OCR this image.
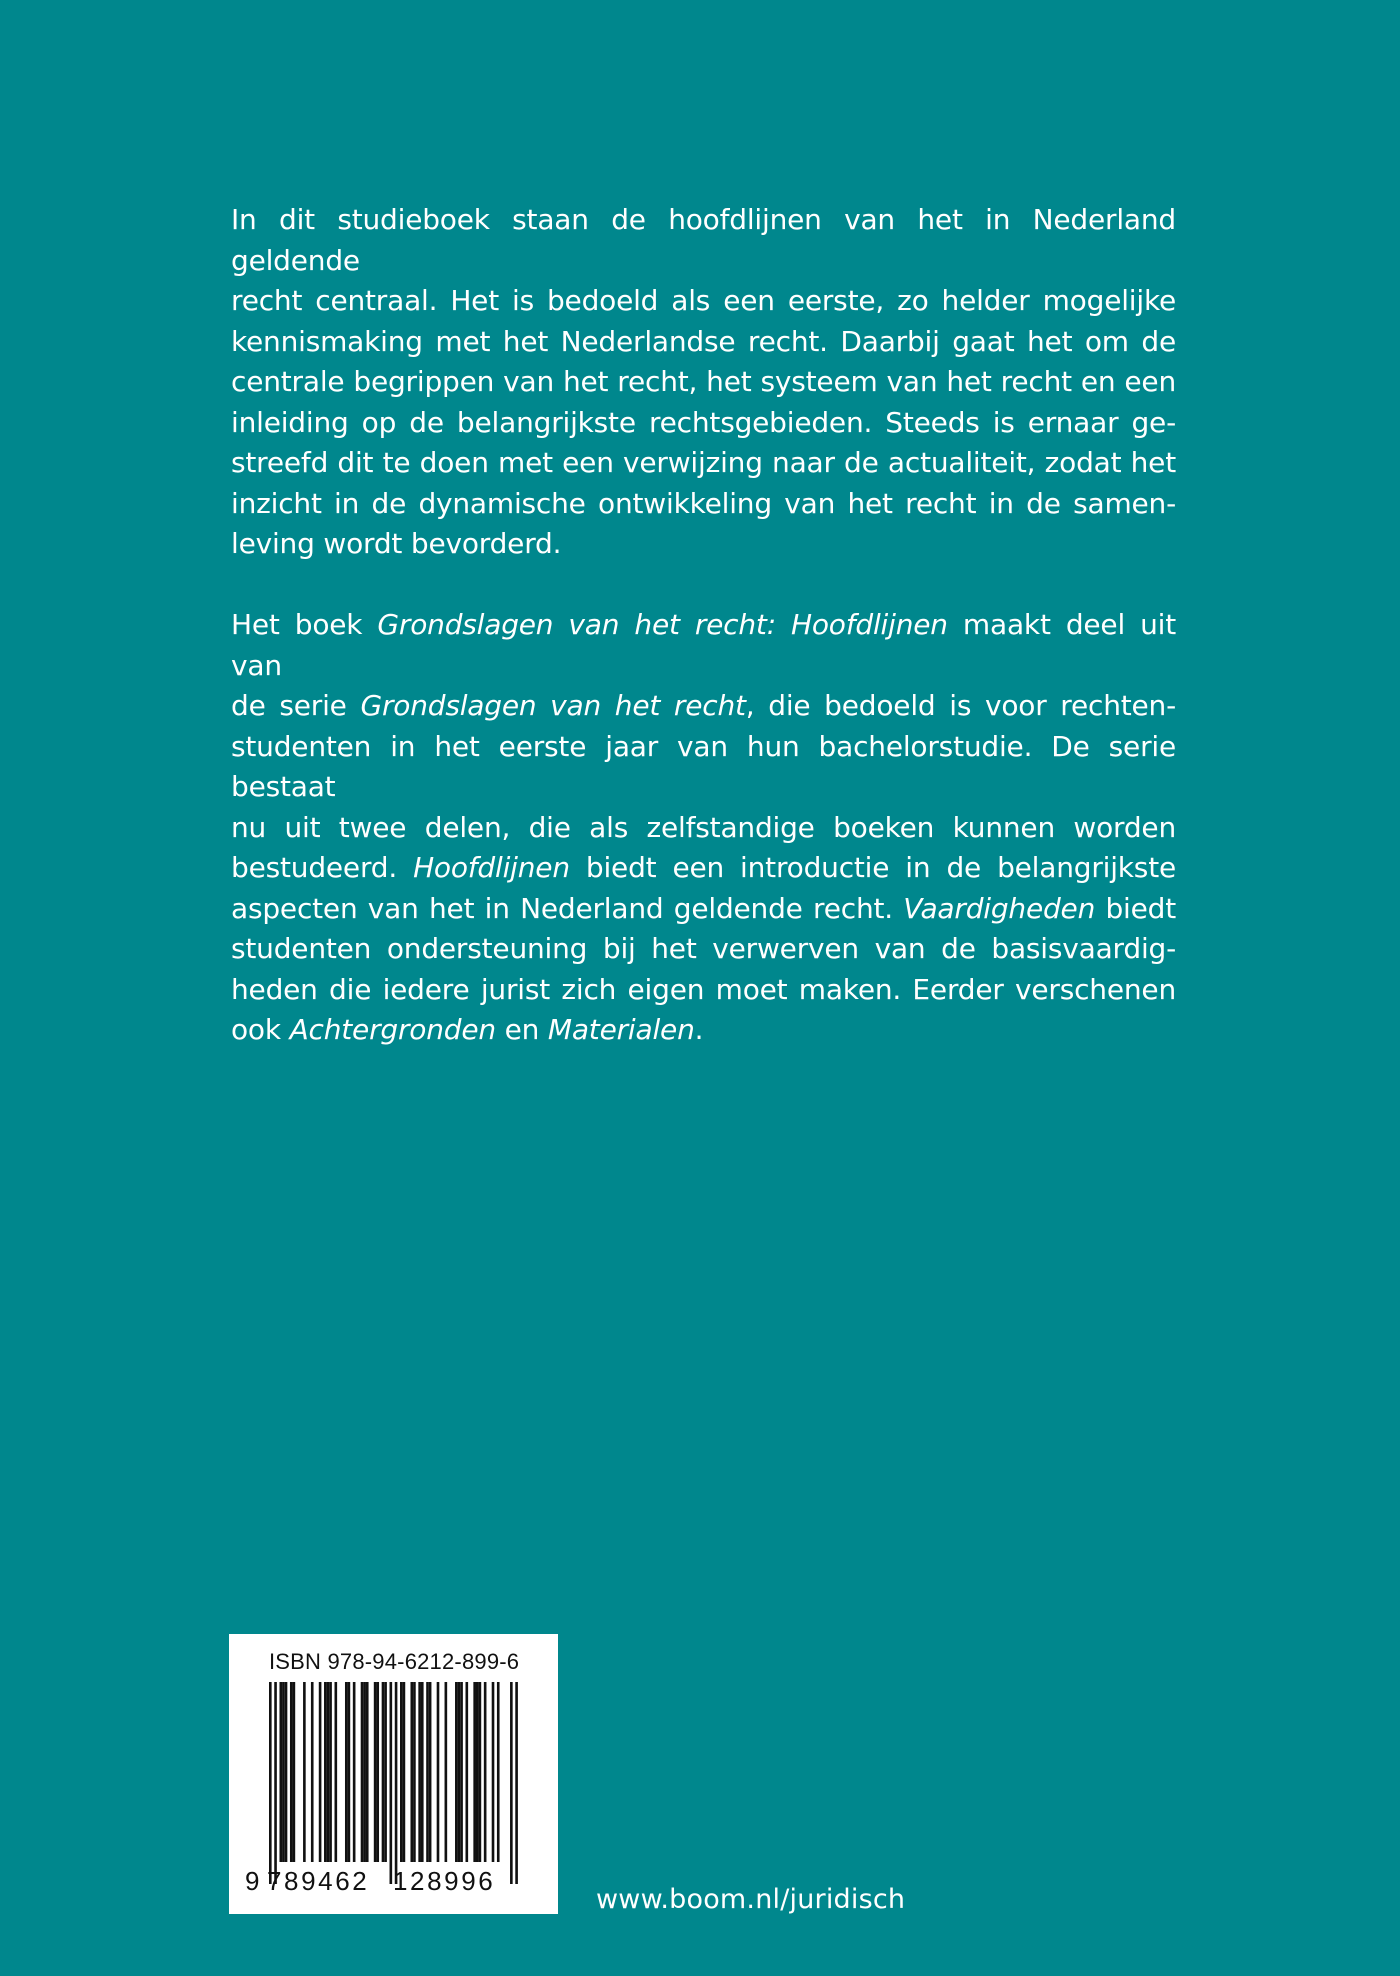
In dit studieboek staan de hoofdlijnen van het in Nederland geldende
recht centraal. Het is bedoeld als een eerste, zo helder mogelijke
kennismaking met het Nederlandse recht. Daarbij gaat het om de
centrale begrippen van het recht, het systeem van het recht en een
inleiding op de belangrijkste rechtsgebieden. Steeds is ernaar ge-
streefd dit te doen met een verwijzing naar de actualiteit, zodat het
inzicht in de dynamische ontwikkeling van het recht in de samen-
leving wordt bevorderd.

Het boek Grondslagen van het recht: Hoofdlijnen maakt deel uit van
de serie Grondslagen van het recht, die bedoeld is voor rechten-
studenten in het eerste jaar van hun bachelorstudie. De serie bestaat
nu uit twee delen, die als zelfstandige boeken kunnen worden
bestudeerd. Hoofdlijnen biedt een introductie in de belangrijkste
aspecten van het in Nederland geldende recht. Vaardigheden biedt
studenten ondersteuning bij het verwerven van de basisvaardig-
heden die iedere jurist zich eigen moet maken. Eerder verschenen
ook Achtergronden en Materialen.

ISBN 978-94-6212-899-6
9 789462 128996
www.boom.nl/juridisch
